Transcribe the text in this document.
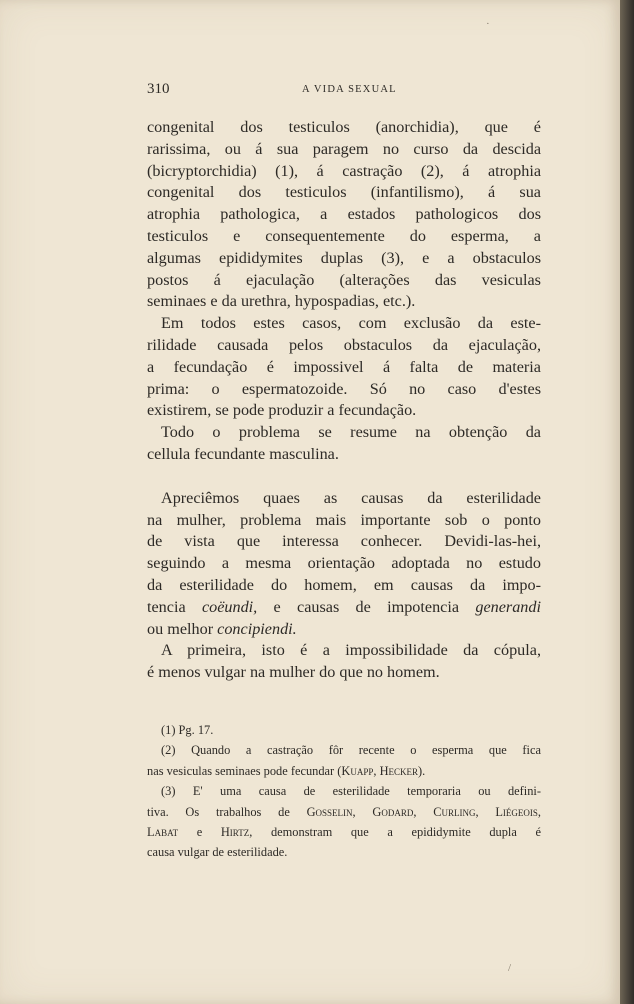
310	A VIDA SEXUAL
congenital dos testiculos (anorchidia), que é
rarissima, ou á sua paragem no curso da descida
(bicryptorchidia) (1), á castração (2), á atrophia
congenital dos testiculos (infantilismo), á sua
atrophia pathologica, a estados pathologicos dos
testiculos e consequentemente do esperma, a
algumas epididymites duplas (3), e a obstaculos
postos á ejaculação (alterações das vesiculas
seminaes e da urethra, hypospadias, etc.).
Em todos estes casos, com exclusão da este-
rilidade causada pelos obstaculos da ejaculação,
a fecundação é impossivel á falta de materia
prima: o espermatozoide. Só no caso d'estes
existirem, se pode produzir a fecundação.
Todo o problema se resume na obtenção da
cellula fecundante masculina.
Apreciêmos quaes as causas da esterilidade
na mulher, problema mais importante sob o ponto
de vista que interessa conhecer. Devidi-las-hei,
seguindo a mesma orientação adoptada no estudo
da esterilidade do homem, em causas da impo-
tencia coëundi, e causas de impotencia generandi
ou melhor concipiendi.
A primeira, isto é a impossibilidade da cópula,
é menos vulgar na mulher do que no homem.
(1) Pg. 17.
(2) Quando a castração fôr recente o esperma que fica
nas vesiculas seminaes pode fecundar (Kuapp, Hecker).
(3) E' uma causa de esterilidade temporaria ou defini-
tiva. Os trabalhos de Gosselin, Godard, Curling, Liégeois,
Labat e Hirtz, demonstram que a epididymite dupla é
causa vulgar de esterilidade.
·
/
